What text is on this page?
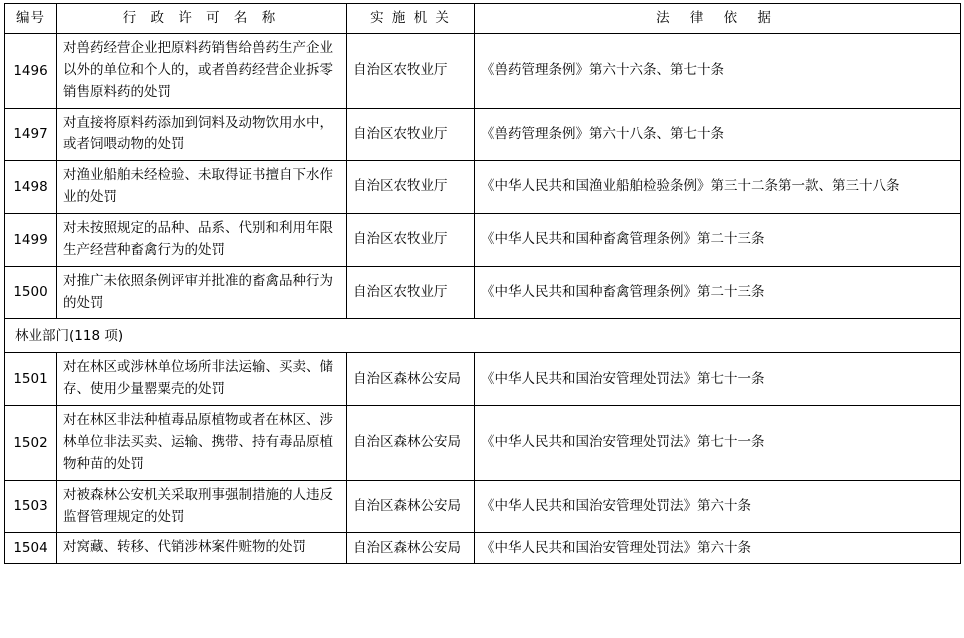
编号	行 政 许 可 名 称	实 施 机 关	法 律 依 据
1496	对兽药经营企业把原料药销售给兽药生产企业以外的单位和个人的，或者兽药经营企业拆零销售原料药的处罚	自治区农牧业厅	《兽药管理条例》第六十六条、第七十条
1497	对直接将原料药添加到饲料及动物饮用水中，或者饲喂动物的处罚	自治区农牧业厅	《兽药管理条例》第六十八条、第七十条
1498	对渔业船舶未经检验、未取得证书擅自下水作业的处罚	自治区农牧业厅	《中华人民共和国渔业船舶检验条例》第三十二条第一款、第三十八条
1499	对未按照规定的品种、品系、代别和利用年限生产经营种畜禽行为的处罚	自治区农牧业厅	《中华人民共和国种畜禽管理条例》第二十三条
1500	对推广未依照条例评审并批准的畜禽品种行为的处罚	自治区农牧业厅	《中华人民共和国种畜禽管理条例》第二十三条
林业部门(118 项)			
1501	对在林区或涉林单位场所非法运输、买卖、储存、使用少量罂粟壳的处罚	自治区森林公安局	《中华人民共和国治安管理处罚法》第七十一条
1502	对在林区非法种植毒品原植物或者在林区、涉林单位非法买卖、运输、携带、持有毒品原植物种苗的处罚	自治区森林公安局	《中华人民共和国治安管理处罚法》第七十一条
1503	对被森林公安机关采取刑事强制措施的人违反监督管理规定的处罚	自治区森林公安局	《中华人民共和国治安管理处罚法》第六十条
1504	对窝藏、转移、代销涉林案件赃物的处罚	自治区森林公安局	《中华人民共和国治安管理处罚法》第六十条
